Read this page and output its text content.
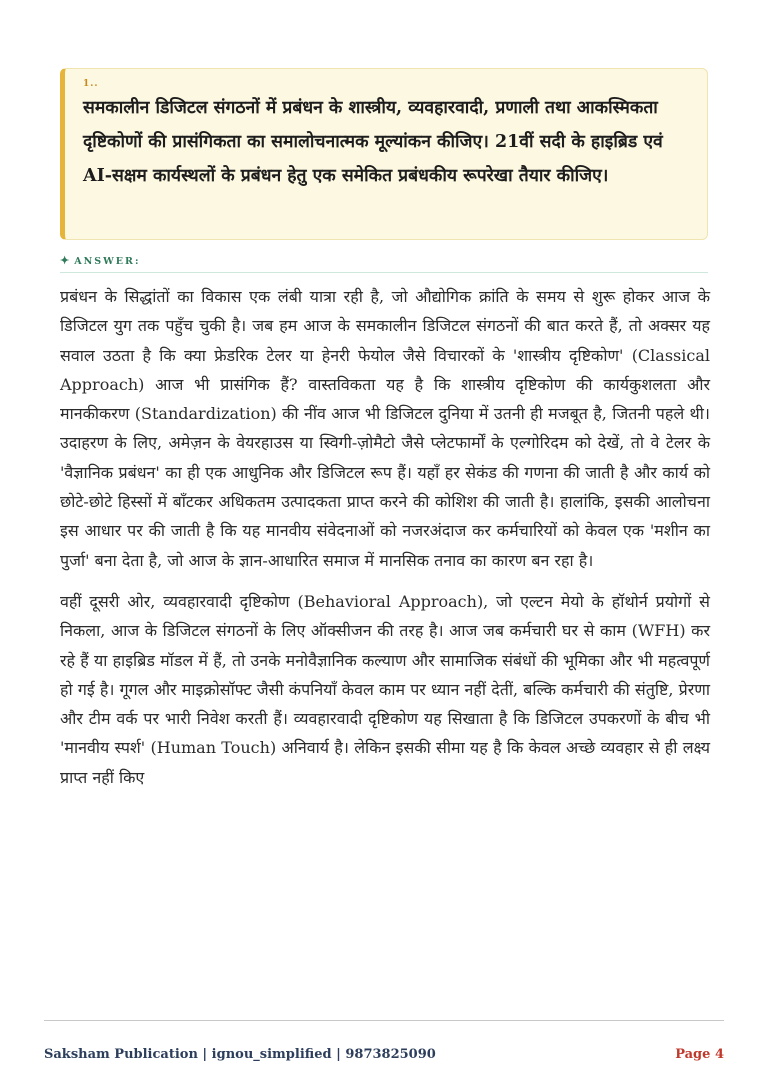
1..

समकालीन डिजिटल संगठनों में प्रबंधन के शास्त्रीय, व्यवहारवादी, प्रणाली तथा आकस्मिकता दृष्टिकोणों की प्रासंगिकता का समालोचनात्मक मूल्यांकन कीजिए। 21वीं सदी के हाइब्रिड एवं AI-सक्षम कार्यस्थलों के प्रबंधन हेतु एक समेकित प्रबंधकीय रूपरेखा तैयार कीजिए।

✦ ANSWER:

प्रबंधन के सिद्धांतों का विकास एक लंबी यात्रा रही है, जो औद्योगिक क्रांति के समय से शुरू होकर आज के डिजिटल युग तक पहुँच चुकी है। जब हम आज के समकालीन डिजिटल संगठनों की बात करते हैं, तो अक्सर यह सवाल उठता है कि क्या फ्रेडरिक टेलर या हेनरी फेयोल जैसे विचारकों के 'शास्त्रीय दृष्टिकोण' (Classical Approach) आज भी प्रासंगिक हैं? वास्तविकता यह है कि शास्त्रीय दृष्टिकोण की कार्यकुशलता और मानकीकरण (Standardization) की नींव आज भी डिजिटल दुनिया में उतनी ही मजबूत है, जितनी पहले थी। उदाहरण के लिए, अमेज़न के वेयरहाउस या स्विगी-ज़ोमैटो जैसे प्लेटफार्मों के एल्गोरिदम को देखें, तो वे टेलर के 'वैज्ञानिक प्रबंधन' का ही एक आधुनिक और डिजिटल रूप हैं। यहाँ हर सेकंड की गणना की जाती है और कार्य को छोटे-छोटे हिस्सों में बाँटकर अधिकतम उत्पादकता प्राप्त करने की कोशिश की जाती है। हालांकि, इसकी आलोचना इस आधार पर की जाती है कि यह मानवीय संवेदनाओं को नजरअंदाज कर कर्मचारियों को केवल एक 'मशीन का पुर्जा' बना देता है, जो आज के ज्ञान-आधारित समाज में मानसिक तनाव का कारण बन रहा है।

वहीं दूसरी ओर, व्यवहारवादी दृष्टिकोण (Behavioral Approach), जो एल्टन मेयो के हॉथोर्न प्रयोगों से निकला, आज के डिजिटल संगठनों के लिए ऑक्सीजन की तरह है। आज जब कर्मचारी घर से काम (WFH) कर रहे हैं या हाइब्रिड मॉडल में हैं, तो उनके मनोवैज्ञानिक कल्याण और सामाजिक संबंधों की भूमिका और भी महत्वपूर्ण हो गई है। गूगल और माइक्रोसॉफ्ट जैसी कंपनियाँ केवल काम पर ध्यान नहीं देतीं, बल्कि कर्मचारी की संतुष्टि, प्रेरणा और टीम वर्क पर भारी निवेश करती हैं। व्यवहारवादी दृष्टिकोण यह सिखाता है कि डिजिटल उपकरणों के बीच भी 'मानवीय स्पर्श' (Human Touch) अनिवार्य है। लेकिन इसकी सीमा यह है कि केवल अच्छे व्यवहार से ही लक्ष्य प्राप्त नहीं किए

Saksham Publication | ignou_simplified | 9873825090	Page 4
